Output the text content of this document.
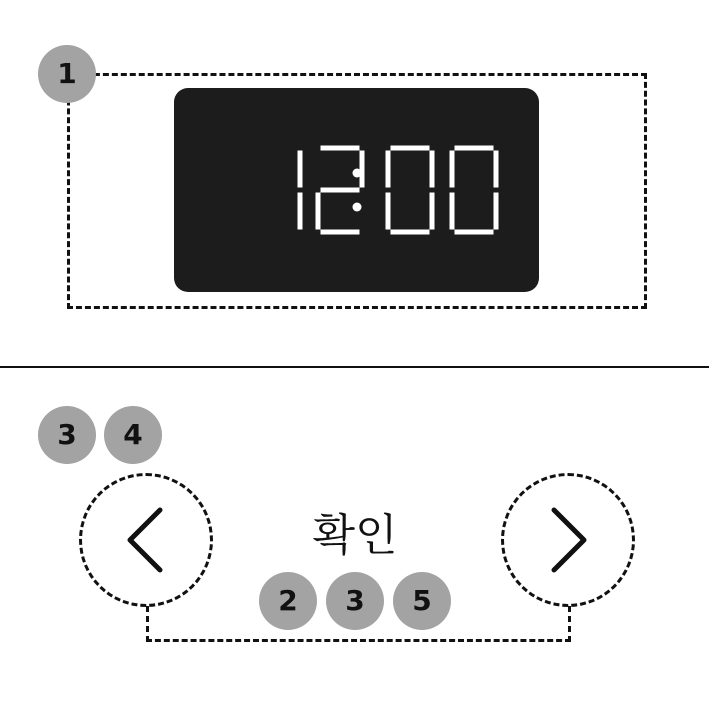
1
3	4
확인
2	3	5
